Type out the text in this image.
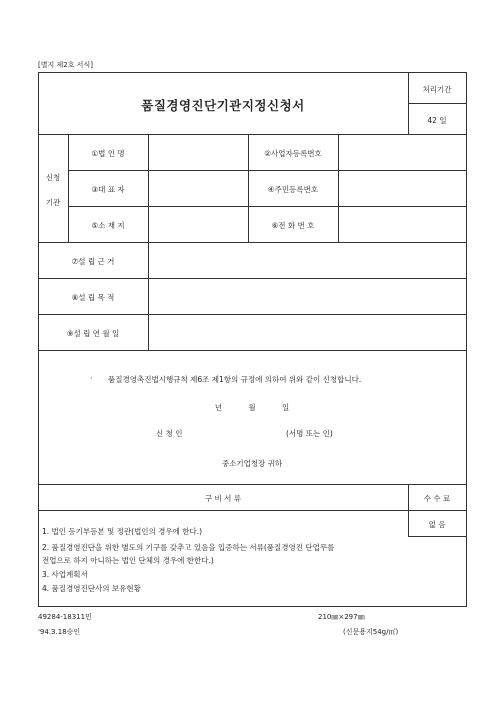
[별지 제2호 서식]
품질경영진단기관지정신청서
처리기간
42 일
신청
기관
①법 인 명	②사업자등록번호
③대 표 자	④주민등록번호
⑤소 재 지	⑥전 화 번 호
⑦설 립 근 거
⑧설 립 목 적
⑨설 립 연 월 일
· 품질경영촉진법시행규칙 제6조 제1항의 규정에 의하여 위와 같이 신청합니다.
년 월 일
신 청 인	(서명 또는 인)
중소기업청장 귀하
구 비 서 류	수 수 료
없 음
1. 법인 등기부등본 및 정관(법인의 경우에 한다.)
2. 품질경영진단을 위한 별도의 기구를 갖추고 있음을 입증하는 서류(품질경영진 단업무를
전업으로 하지 아니하는 법인 단체의 경우에 한한다.)
3. 사업계획서
4. 품질경영진단사의 보유현황
49284-18311민
'94.3.18승인
210㎜×297㎜
(신문용지54g/㎡)
